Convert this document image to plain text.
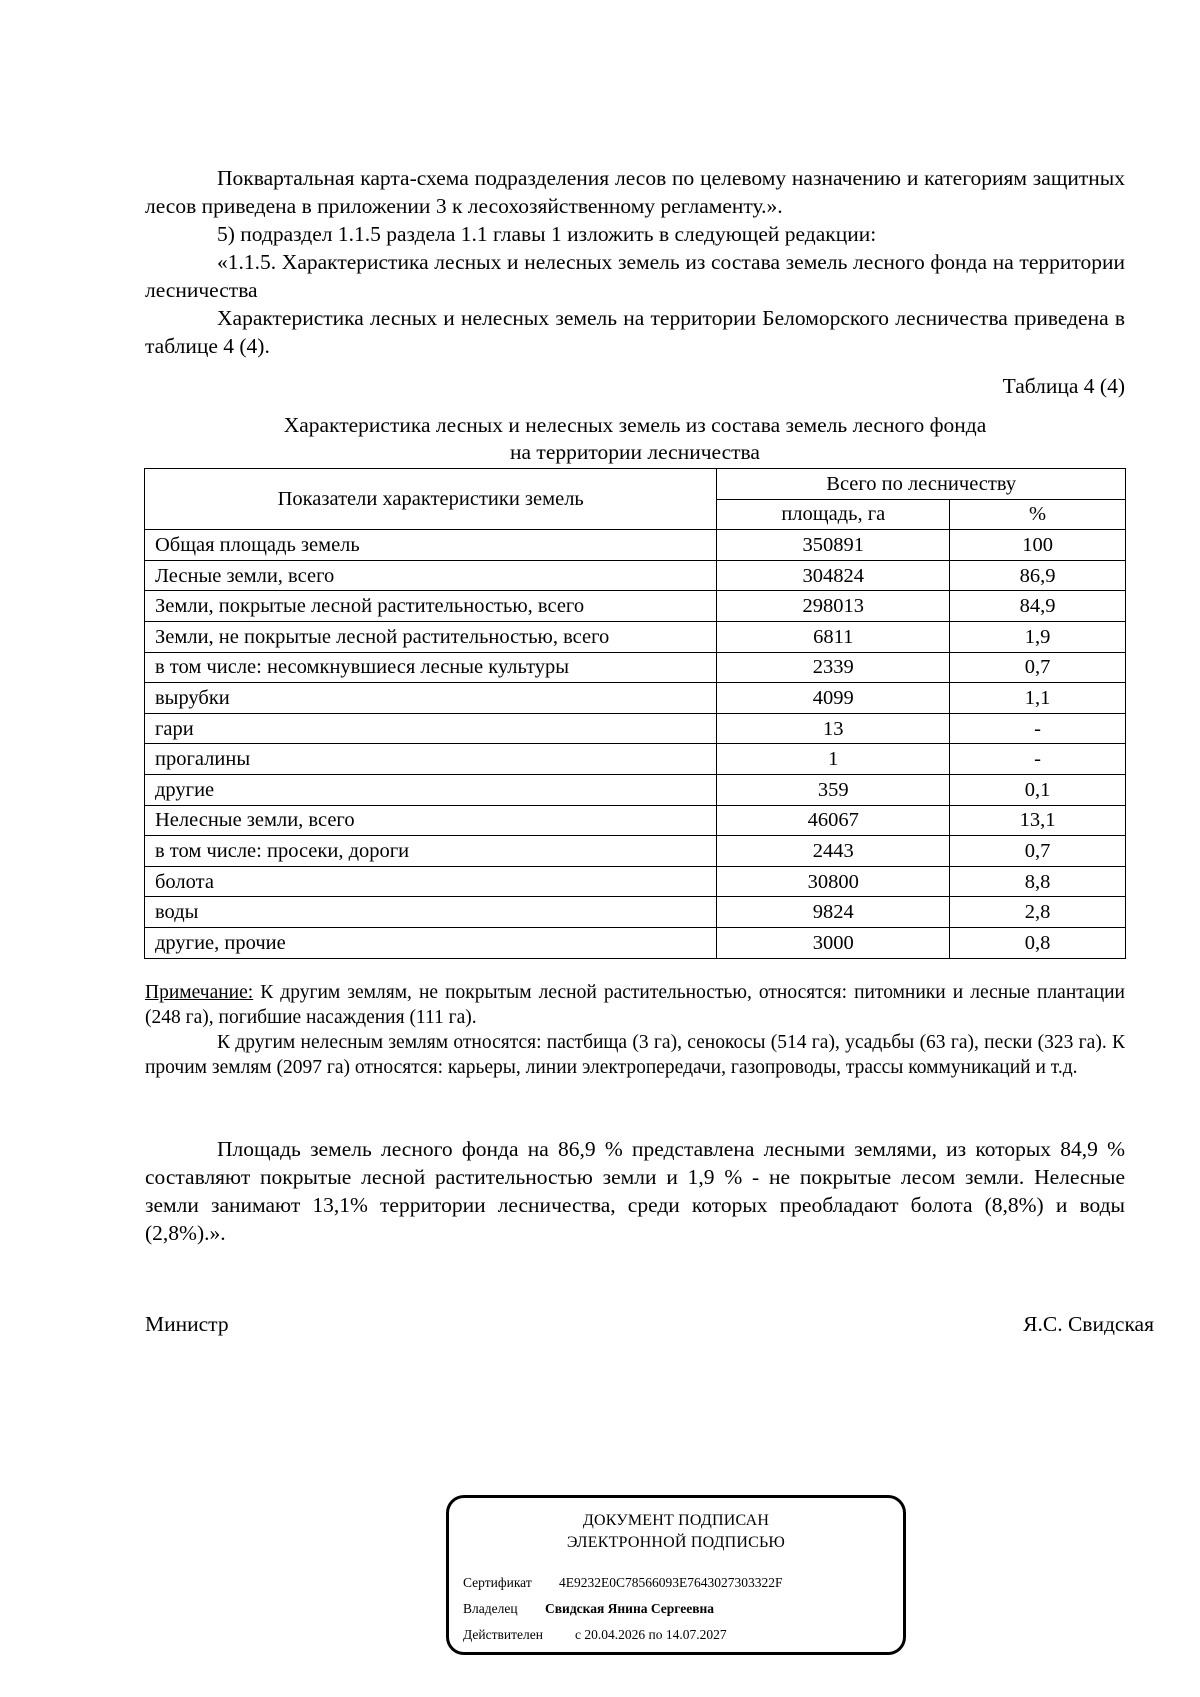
Поквартальная карта-схема подразделения лесов по целевому назначению и категориям защитных лесов приведена в приложении 3 к лесохозяйственному регламенту.».

5) подраздел 1.1.5 раздела 1.1 главы 1 изложить в следующей редакции:

«1.1.5. Характеристика лесных и нелесных земель из состава земель лесного фонда на территории лесничества

Характеристика лесных и нелесных земель на территории Беломорского лесничества приведена в таблице 4 (4).

Таблица 4 (4)
Характеристика лесных и нелесных земель из состава земель лесного фонда
на территории лесничества
Показатели характеристики земель	Всего по лесничеству	
	площадь, га	%
Общая площадь земель	350891	100
Лесные земли, всего	304824	86,9
Земли, покрытые лесной растительностью, всего	298013	84,9
Земли, не покрытые лесной растительностью, всего	6811	1,9
в том числе: несомкнувшиеся лесные культуры	2339	0,7
вырубки	4099	1,1
гари	13	-
прогалины	1	-
другие	359	0,1
Нелесные земли, всего	46067	13,1
в том числе: просеки, дороги	2443	0,7
болота	30800	8,8
воды	9824	2,8
другие, прочие	3000	0,8

Примечание: К другим землям, не покрытым лесной растительностью, относятся: питомники и лесные плантации (248 га), погибшие насаждения (111 га).

К другим нелесным землям относятся: пастбища (3 га), сенокосы (514 га), усадьбы (63 га), пески (323 га). К прочим землям (2097 га) относятся: карьеры, линии электропередачи, газопроводы, трассы коммуникаций и т.д.

Площадь земель лесного фонда на 86,9 % представлена лесными землями, из которых 84,9 % составляют покрытые лесной растительностью земли и 1,9 % - не покрытые лесом земли. Нелесные земли занимают 13,1% территории лесничества, среди которых преобладают болота (8,8%) и воды (2,8%).».

Министр	Я.С. Свидская
ДОКУМЕНТ ПОДПИСАН
ЭЛЕКТРОННОЙ ПОДПИСЬЮ
Сертификат 4E9232E0C78566093E7643027303322F
Владелец Свидская Янина Сергеевна
Действителен с 20.04.2026 по 14.07.2027
